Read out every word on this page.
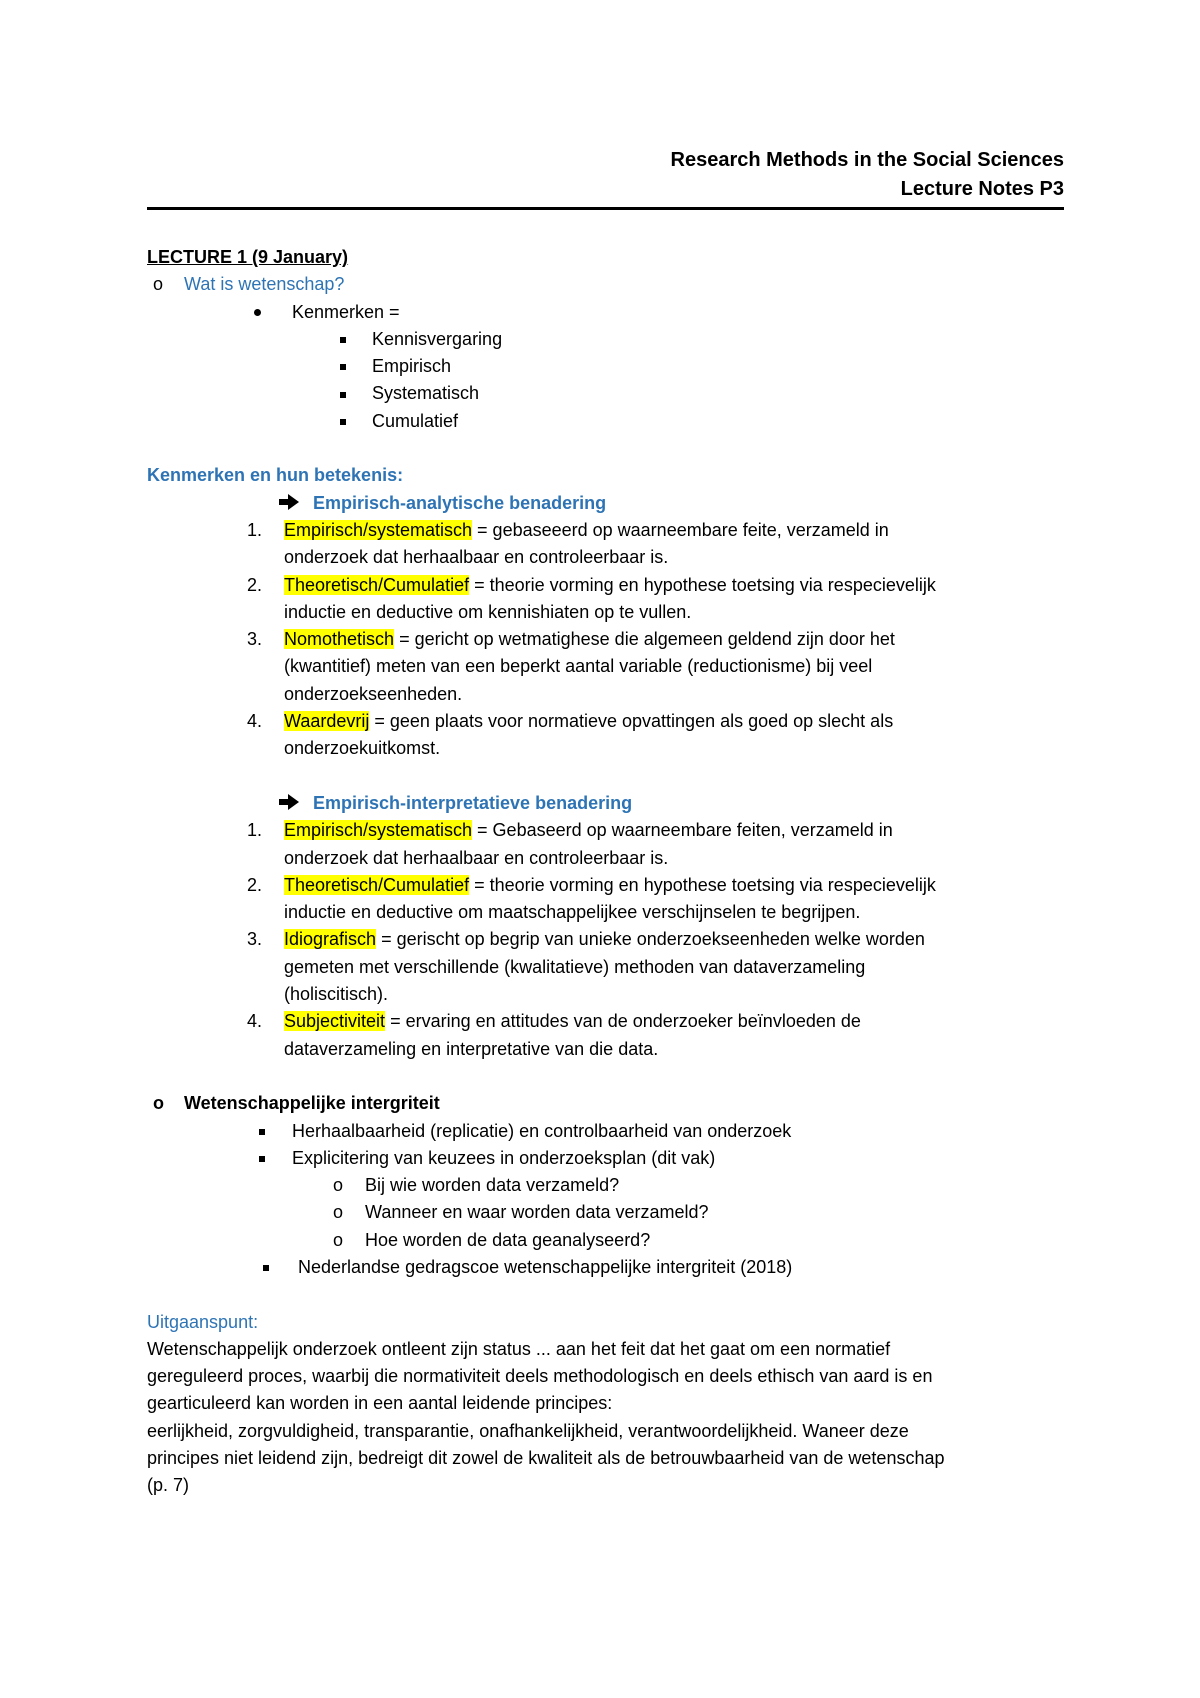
Research Methods in the Social Sciences
Lecture Notes P3
LECTURE 1 (9 January)
o Wat is wetenschap?
Kenmerken =
Kennisvergaring
Empirisch
Systematisch
Cumulatief
Kenmerken en hun betekenis:
Empirisch-analytische benadering
1. Empirisch/systematisch = gebaseeerd op waarneembare feite, verzameld in
onderzoek dat herhaalbaar en controleerbaar is.
2. Theoretisch/Cumulatief = theorie vorming en hypothese toetsing via respecievelijk
inductie en deductive om kennishiaten op te vullen.
3. Nomothetisch = gericht op wetmatighese die algemeen geldend zijn door het
(kwantitief) meten van een beperkt aantal variable (reductionisme) bij veel
onderzoekseenheden.
4. Waardevrij = geen plaats voor normatieve opvattingen als goed op slecht als
onderzoekuitkomst.
Empirisch-interpretatieve benadering
1. Empirisch/systematisch = Gebaseerd op waarneembare feiten, verzameld in
onderzoek dat herhaalbaar en controleerbaar is.
2. Theoretisch/Cumulatief = theorie vorming en hypothese toetsing via respecievelijk
inductie en deductive om maatschappelijkee verschijnselen te begrijpen.
3. Idiografisch = gerischt op begrip van unieke onderzoekseenheden welke worden
gemeten met verschillende (kwalitatieve) methoden van dataverzameling
(holiscitisch).
4. Subjectiviteit = ervaring en attitudes van de onderzoeker beïnvloeden de
dataverzameling en interpretative van die data.
o Wetenschappelijke intergriteit
Herhaalbaarheid (replicatie) en controlbaarheid van onderzoek
Explicitering van keuzees in onderzoeksplan (dit vak)
o Bij wie worden data verzameld?
o Wanneer en waar worden data verzameld?
o Hoe worden de data geanalyseerd?
Nederlandse gedragscoe wetenschappelijke intergriteit (2018)
Uitgaanspunt:
Wetenschappelijk onderzoek ontleent zijn status ... aan het feit dat het gaat om een normatief
gereguleerd proces, waarbij die normativiteit deels methodologisch en deels ethisch van aard is en
gearticuleerd kan worden in een aantal leidende principes:
eerlijkheid, zorgvuldigheid, transparantie, onafhankelijkheid, verantwoordelijkheid. Waneer deze
principes niet leidend zijn, bedreigt dit zowel de kwaliteit als de betrouwbaarheid van de wetenschap
(p. 7)
